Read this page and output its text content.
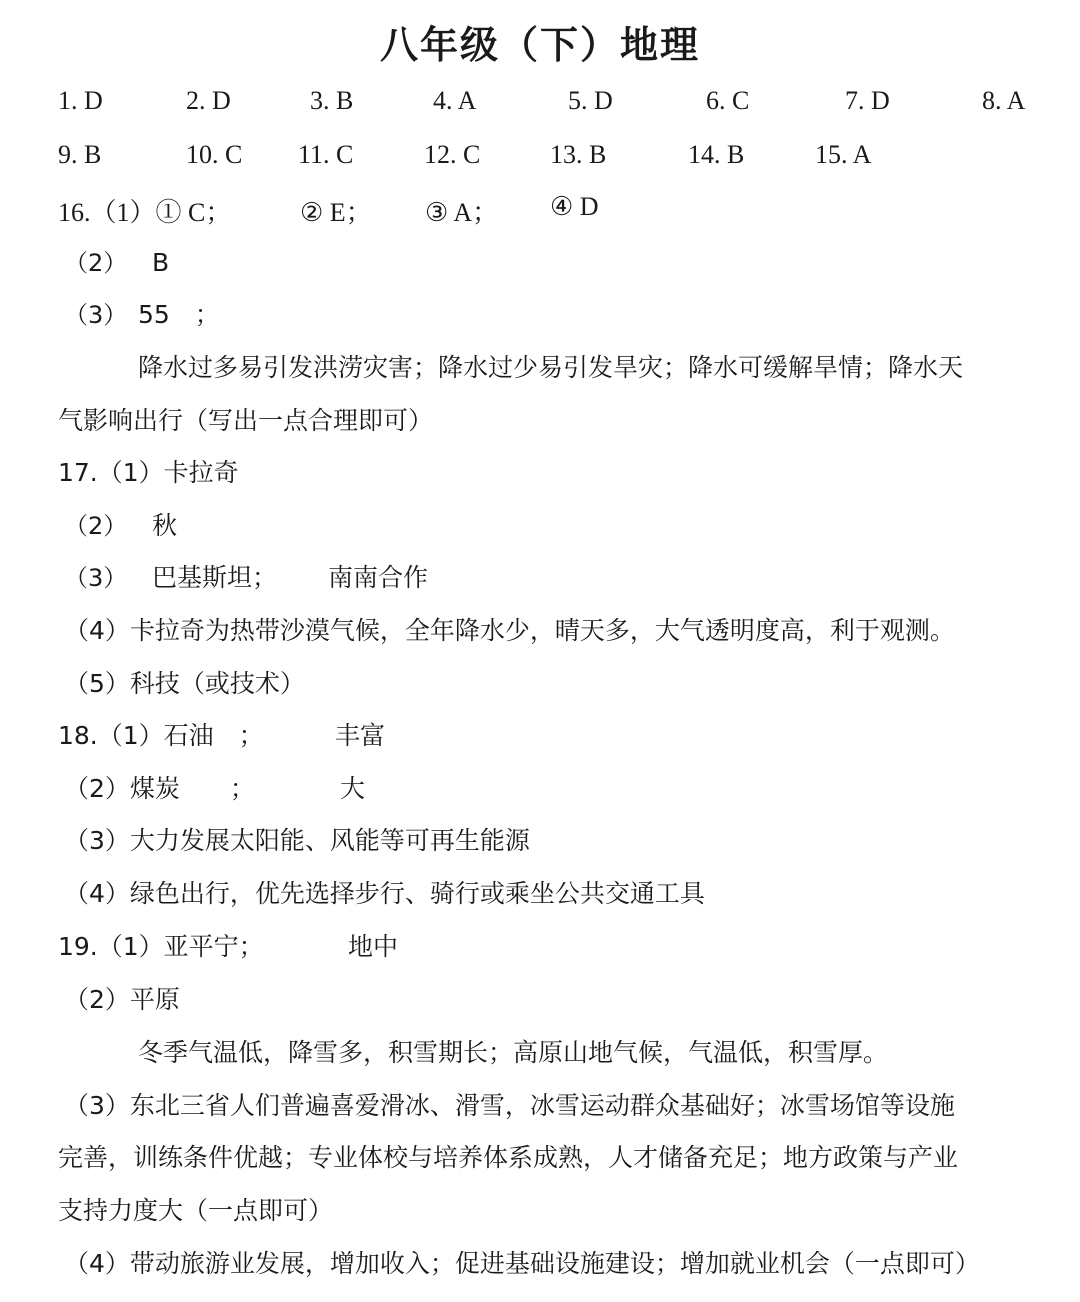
八年级（下）地理
1. D	2. D	3. B	4. A	5. D	6. C	7. D	8. A
9. B	10. C 11. C	12. C	13. B	14. B	15. A
16.（1）① C；	② E； ③ A； ④ D
（2） B
（3） 55　；
降水过多易引发洪涝灾害；降水过少易引发旱灾；降水可缓解旱情；降水天
气影响出行（写出一点合理即可）
17.（1）卡拉奇
（2） 秋
（3） 巴基斯坦； 南南合作
（4）卡拉奇为热带沙漠气候，全年降水少，晴天多，大气透明度高，利于观测。
（5）科技（或技术）
18.（1）石油　；	丰富
（2）煤炭　　；	大
（3）大力发展太阳能、风能等可再生能源
（4）绿色出行，优先选择步行、骑行或乘坐公共交通工具
19.（1）亚平宁；	地中
（2）平原
冬季气温低，降雪多，积雪期长；高原山地气候，气温低，积雪厚。
（3）东北三省人们普遍喜爱滑冰、滑雪，冰雪运动群众基础好；冰雪场馆等设施
完善，训练条件优越；专业体校与培养体系成熟，人才储备充足；地方政策与产业
支持力度大（一点即可）
（4）带动旅游业发展，增加收入；促进基础设施建设；增加就业机会（一点即可）
